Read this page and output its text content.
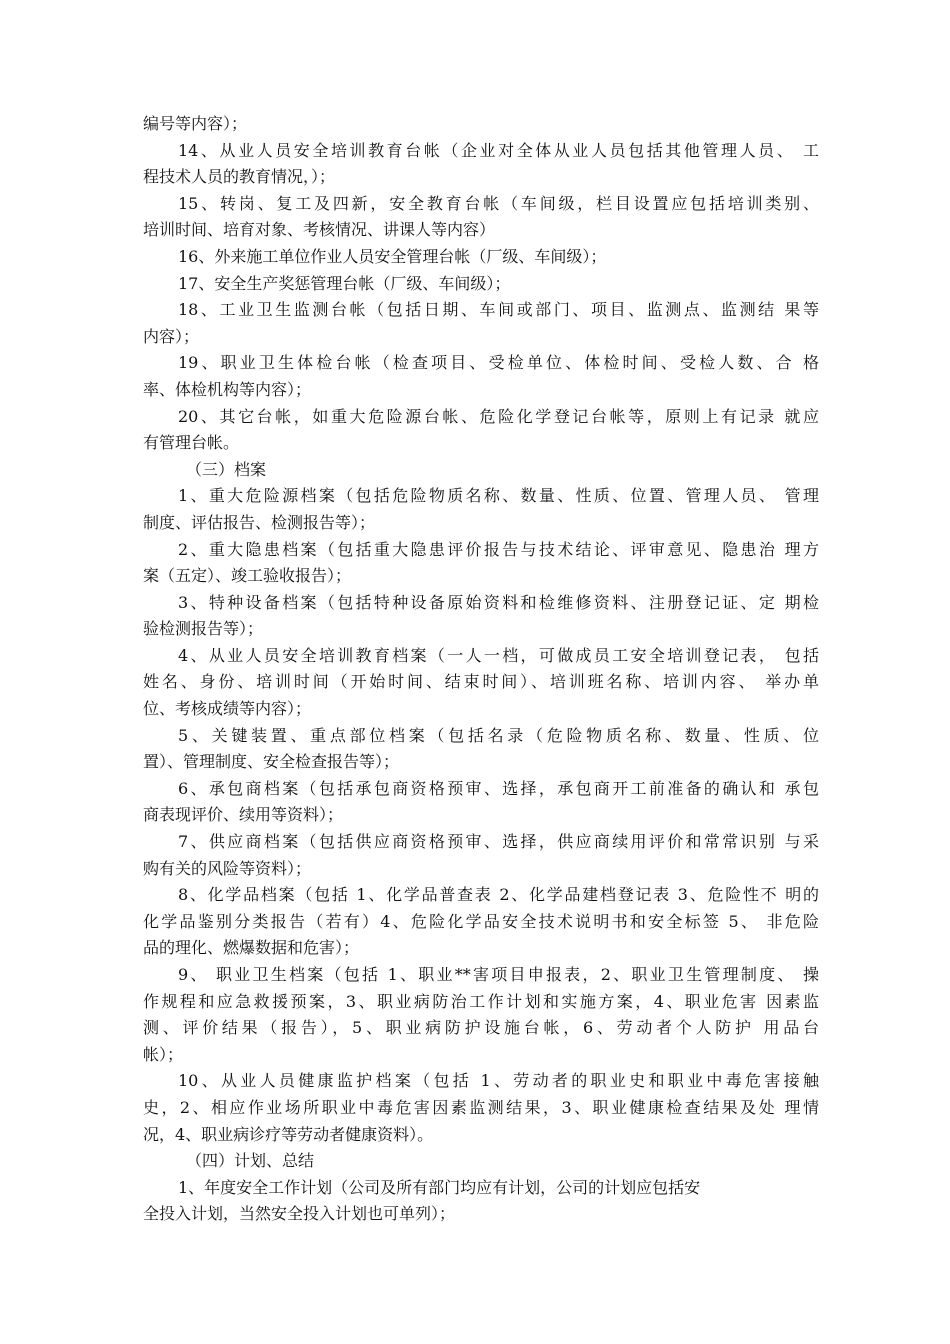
编号等内容）；
14、从业人员安全培训教育台帐（企业对全体从业人员包括其他管理人员、 工
程技术人员的教育情况，）；
15、转岗、复工及四新，安全教育台帐（车间级，栏目设置应包括培训类别、
培训时间、培育对象、考核情况、讲课人等内容）
16、外来施工单位作业人员安全管理台帐（厂级、车间级）；
17、安全生产奖惩管理台帐（厂级、车间级）；
18、工业卫生监测台帐（包括日期、车间或部门、项目、监测点、监测结 果等
内容）；
19、职业卫生体检台帐（检查项目、受检单位、体检时间、受检人数、合 格
率、体检机构等内容）；
20、其它台帐，如重大危险源台帐、危险化学登记台帐等，原则上有记录 就应
有管理台帐。
（三）档案
1、重大危险源档案（包括危险物质名称、数量、性质、位置、管理人员、 管理
制度、评估报告、检测报告等）；
2、重大隐患档案（包括重大隐患评价报告与技术结论、评审意见、隐患治 理方
案（五定）、竣工验收报告）；
3、特种设备档案（包括特种设备原始资料和检维修资料、注册登记证、定 期检
验检测报告等）；
4、从业人员安全培训教育档案（一人一档，可做成员工安全培训登记表， 包括
姓名、身份、培训时间（开始时间、结束时间）、培训班名称、培训内容、 举办单
位、考核成绩等内容）；
5、关键装置、重点部位档案（包括名录（危险物质名称、数量、性质、位
置）、管理制度、安全检查报告等）；
6、承包商档案（包括承包商资格预审、选择，承包商开工前准备的确认和 承包
商表现评价、续用等资料）；
7、供应商档案（包括供应商资格预审、选择，供应商续用评价和常常识别 与采
购有关的风险等资料）；
8、化学品档案（包括 1、化学品普查表 2、化学品建档登记表 3、危险性不 明的
化学品鉴别分类报告（若有）4、危险化学品安全技术说明书和安全标签 5、 非危险
品的理化、燃爆数据和危害）；
9、 职业卫生档案（包括 1、职业**害项目申报表，2、职业卫生管理制度、 操
作规程和应急救援预案，3、职业病防治工作计划和实施方案，4、职业危害 因素监
测、评价结果（报告），5、职业病防护设施台帐，6、劳动者个人防护 用品台
帐）；
10、从业人员健康监护档案（包括 1、劳动者的职业史和职业中毒危害接触
史，2、相应作业场所职业中毒危害因素监测结果，3、职业健康检查结果及处 理情
况，4、职业病诊疗等劳动者健康资料）。
（四）计划、总结
1、年度安全工作计划（公司及所有部门均应有计划，公司的计划应包括安
全投入计划，当然安全投入计划也可单列）；
